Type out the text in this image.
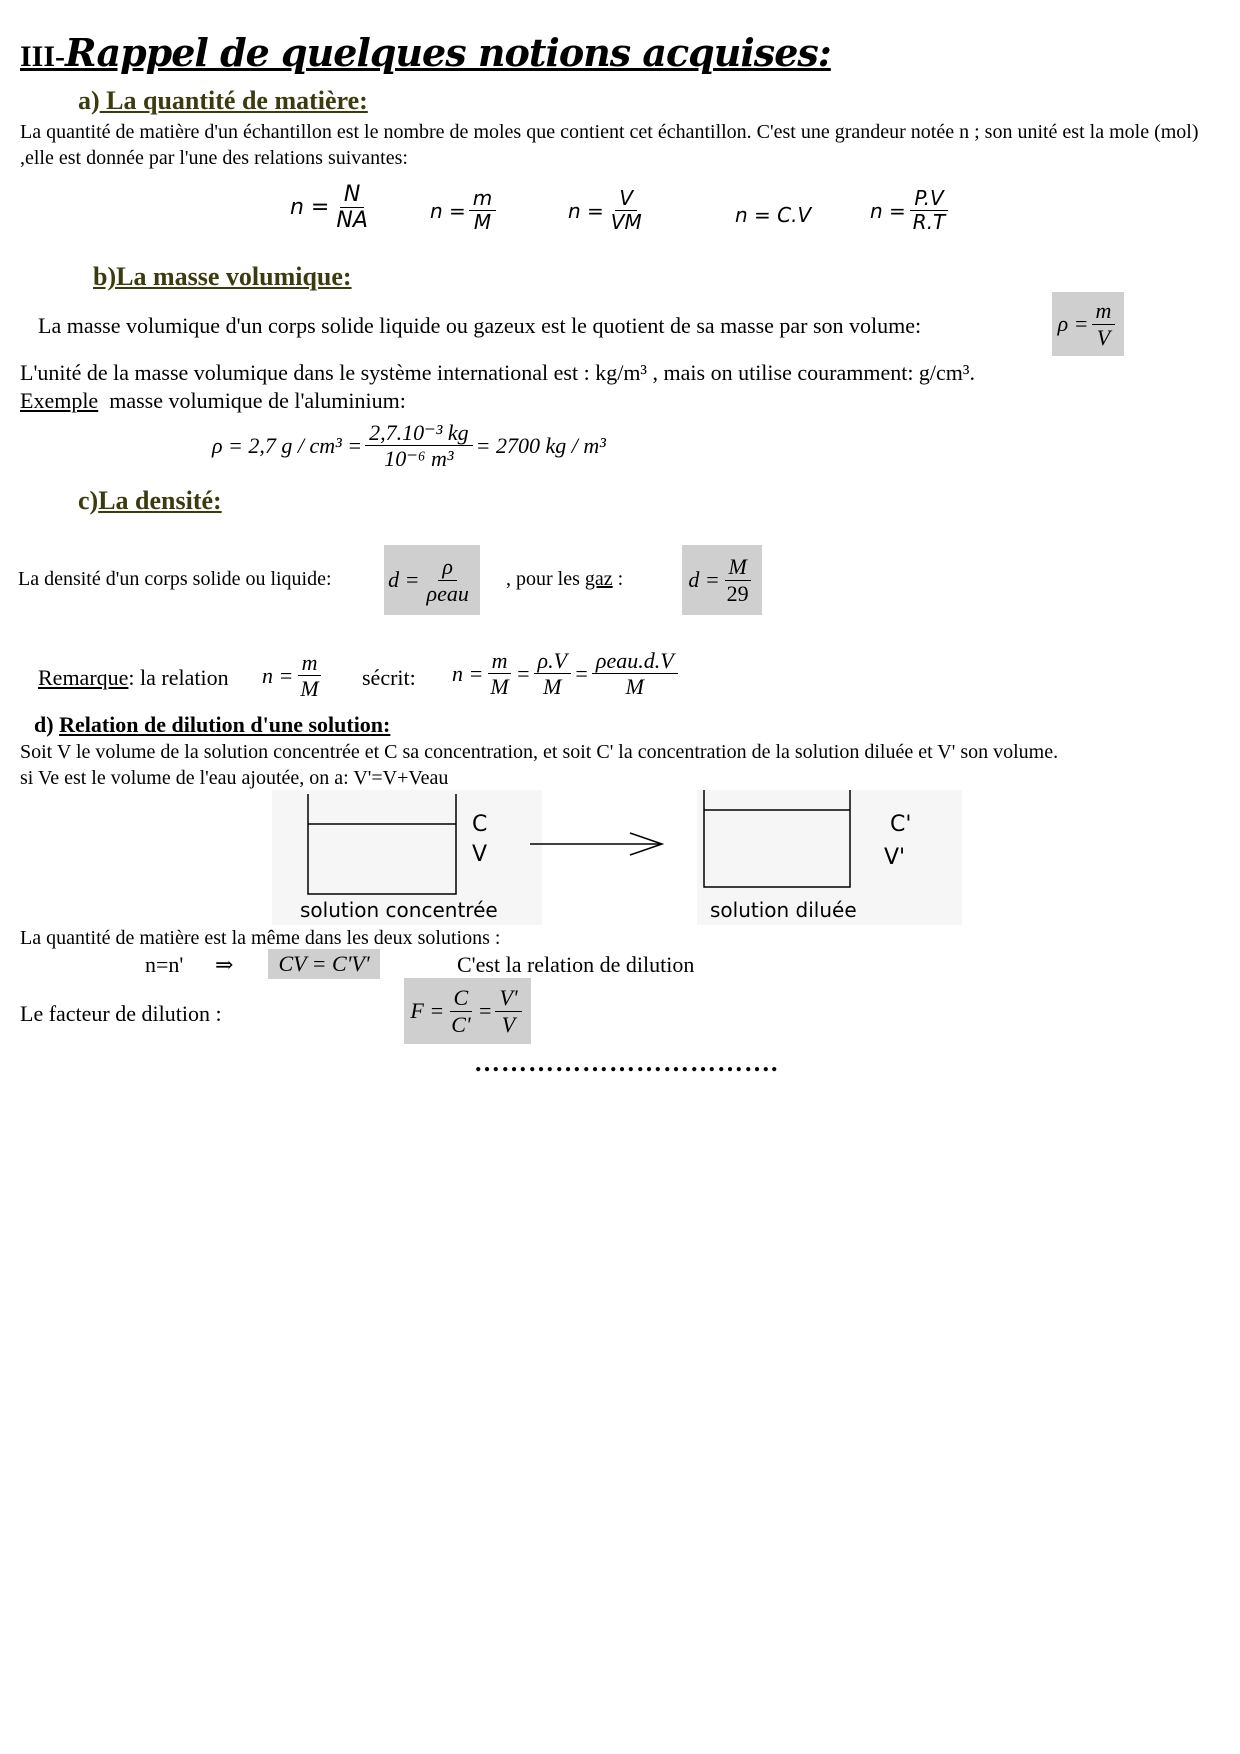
III-Rappel de quelques notions acquises:
a) La quantité de matière:
La quantité de matière d'un échantillon est le nombre de moles que contient cet échantillon. C'est une grandeur notée n ; son unité est la mole (mol) ,elle est donnée par l'une des relations suivantes:
$n = \frac{N}{NA}$	$n = \frac{m}{M}$	$n = \frac{V}{VM}$	n = C.V	$n = \frac{P.V}{R.T}$
b)La masse volumique:
La masse volumique d'un corps solide liquide ou gazeux est le quotient de sa masse par son volume:	$\rho = \frac{m}{V}$
L'unité de la masse volumique dans le système international est : kg/m³ , mais on utilise couramment: g/cm³.
Exemple masse volumique de l'aluminium:
ρ = 2,7 $g / cm^3 = \frac{\text{2,7.10⁻³ kg}}{\text{10⁻⁶ m³}} = 2700$ kg / m³
c)La densité:
La densité d'un corps solide ou liquide:	$d = \frac{\rho}{\text{ρeau}}$ , pour les gaz :	$d = \frac{M}{29}$
Remarque: la relation $n = \frac{m}{M}$ sécrit: $n = \frac{m}{M} = \frac{\rho.V}{M} = \frac{\text{ρeau.d.V}}{M}$
d) Relation de dilution d'une solution:
Soit V le volume de la solution concentrée et C sa concentration, et soit C' la concentration de la solution diluée et V' son volume.
si Ve est le volume de l'eau ajoutée, on a: V'=V+Veau
C
V
C'
V'
solution concentrée	solution diluée
La quantité de matière est la même dans les deux solutions :
n=n' ⇒	CV = C'V'	C'est la relation de dilution
Le facteur de dilution :	$F = \frac{C}{C'} = \frac{V'}{V}$
…………………………….
